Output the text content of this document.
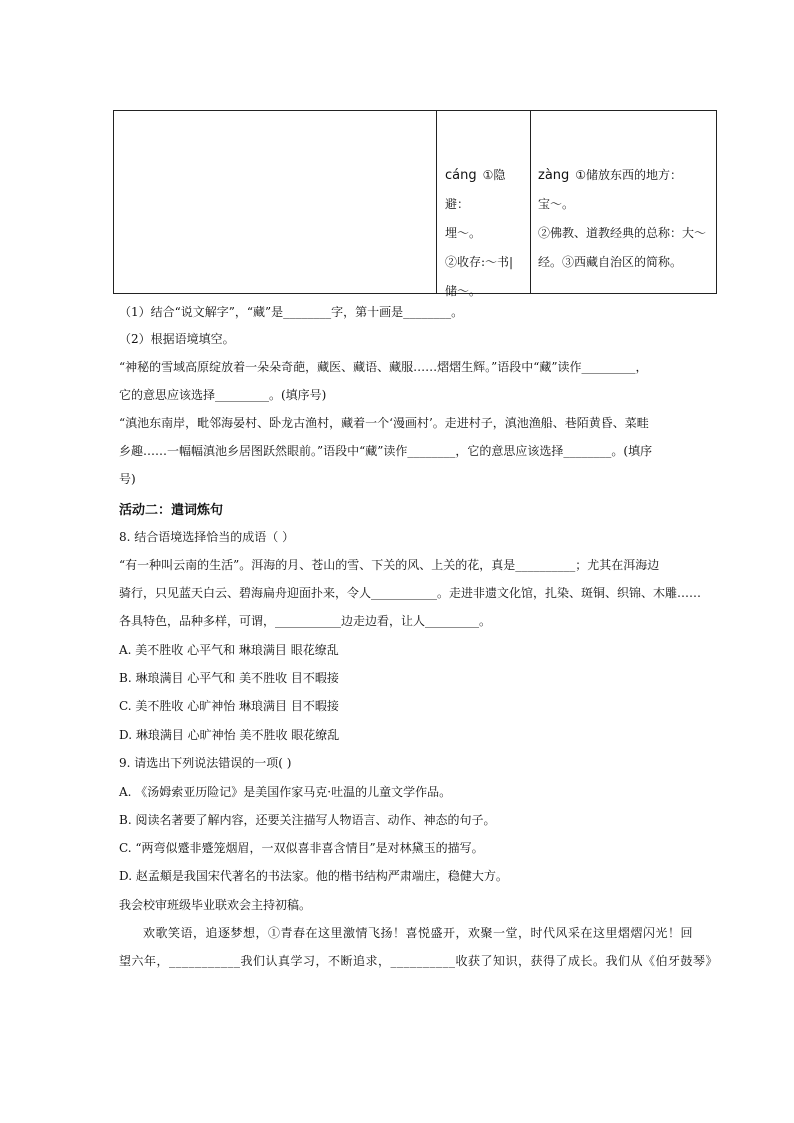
cáng ①隐避：
埋～。
②收存:～书|
储～。
zàng ①储放东西的地方：
宝～。
②佛教、道教经典的总称：大～
经。③西藏自治区的简称。
（1）结合“说文解字”，“藏”是________字，第十画是________。
（2）根据语境填空。
“神秘的雪域高原绽放着一朵朵奇葩，藏医、藏语、藏服……熠熠生辉。”语段中“藏”读作_________，
它的意思应该选择_________。(填序号)
“滇池东南岸，毗邻海晏村、卧龙古渔村，藏着一个‘漫画村’。走进村子，滇池渔船、巷陌黄昏、菜畦
乡趣……一幅幅滇池乡居图跃然眼前。”语段中“藏”读作________，它的意思应该选择________。(填序
号)
活动二：遣词炼句
8. 结合语境选择恰当的成语（ ）
“有一种叫云南的生活”。洱海的月、苍山的雪、下关的风、上关的花，真是__________；尤其在洱海边
骑行，只见蓝天白云、碧海扁舟迎面扑来，令人___________。走进非遗文化馆，扎染、斑铜、织锦、木雕……
各具特色，品种多样，可谓，___________边走边看，让人_________。
A. 美不胜收 心平气和 琳琅满目 眼花缭乱
B. 琳琅满目 心平气和 美不胜收 目不暇接
C. 美不胜收 心旷神怡 琳琅满目 目不暇接
D. 琳琅满目 心旷神怡 美不胜收 眼花缭乱
9. 请选出下列说法错误的一项( )
A. 《汤姆索亚历险记》是美国作家马克·吐温的儿童文学作品。
B. 阅读名著要了解内容，还要关注描写人物语言、动作、神态的句子。
C. “两弯似蹙非蹙笼烟眉，一双似喜非喜含情目”是对林黛玉的描写。
D. 赵孟頫是我国宋代著名的书法家。他的楷书结构严肃端庄，稳健大方。
我会校审班级毕业联欢会主持初稿。
欢歌笑语，追逐梦想，①青春在这里激情飞扬！喜悦盛开，欢聚一堂，时代风采在这里熠熠闪光！回
望六年，___________我们认真学习，不断追求，__________收获了知识，获得了成长。我们从《伯牙鼓琴》
